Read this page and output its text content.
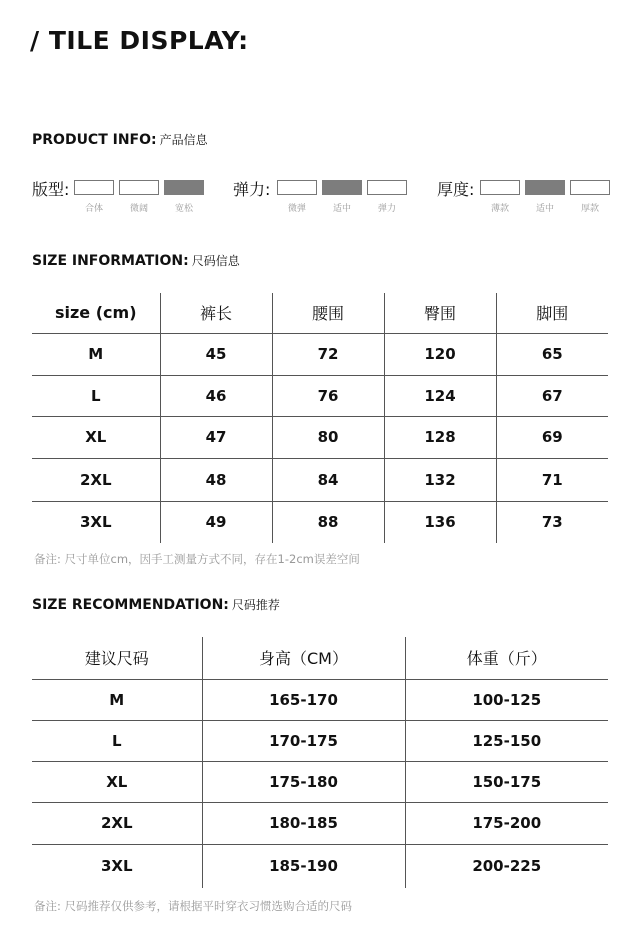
/ TILE DISPLAY:
PRODUCT INFO: 产品信息
版型:
合体	微阔	宽松
弹力:
微弹	适中	弹力
厚度:
薄款	适中	厚款
SIZE INFORMATION: 尺码信息
size (cm)	裤长	腰围	臀围	脚围
M	45	72	120	65
L	46	76	124	67
XL	47	80	128	69
2XL	48	84	132	71
3XL	49	88	136	73
备注: 尺寸单位cm，因手工测量方式不同，存在1-2cm误差空间
SIZE RECOMMENDATION: 尺码推荐
建议尺码	身高（CM）	体重（斤）
M	165-170	100-125
L	170-175	125-150
XL	175-180	150-175
2XL	180-185	175-200
3XL	185-190	200-225
备注: 尺码推荐仅供参考，请根据平时穿衣习惯选购合适的尺码
